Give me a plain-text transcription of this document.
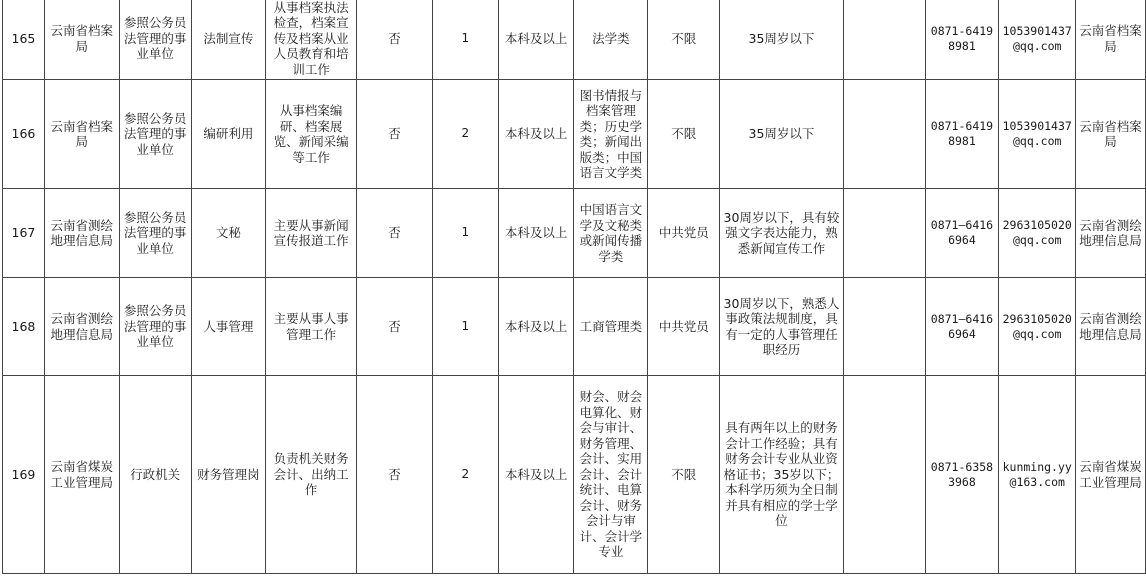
165	云南省档案局	参照公务员法管理的事业单位	法制宣传	从事档案执法检查，档案宣传及档案从业人员教育和培训工作	否	1	本科及以上	法学类	不限	35周岁以下		0871-64198981	1053901437@qq.com	云南省档案局
166	云南省档案局	参照公务员法管理的事业单位	编研利用	从事档案编研、档案展览、新闻采编等工作	否	2	本科及以上	图书情报与档案管理类；历史学类；新闻出版类；中国语言文学类	不限	35周岁以下		0871-64198981	1053901437@qq.com	云南省档案局
167	云南省测绘地理信息局	参照公务员法管理的事业单位	文秘	主要从事新闻宣传报道工作	否	1	本科及以上	中国语言文学及文秘类或新闻传播学类	中共党员	30周岁以下，具有较强文字表达能力，熟悉新闻宣传工作		0871—64166964	2963105020@qq.com	云南省测绘地理信息局
168	云南省测绘地理信息局	参照公务员法管理的事业单位	人事管理	主要从事人事管理工作	否	1	本科及以上	工商管理类	中共党员	30周岁以下，熟悉人事政策法规制度，具有一定的人事管理任职经历		0871—64166964	2963105020@qq.com	云南省测绘地理信息局
169	云南省煤炭工业管理局	行政机关	财务管理岗	负责机关财务会计、出纳工作	否	2	本科及以上	财会、财会电算化、财会与审计、财务管理、会计、实用会计、会计统计、电算会计、财务会计与审计、会计学专业	不限	具有两年以上的财务会计工作经验；具有财务会计专业从业资格证书；35岁以下；本科学历须为全日制并具有相应的学士学位		0871-63583968	kunming.yy@163.com	云南省煤炭工业管理局
